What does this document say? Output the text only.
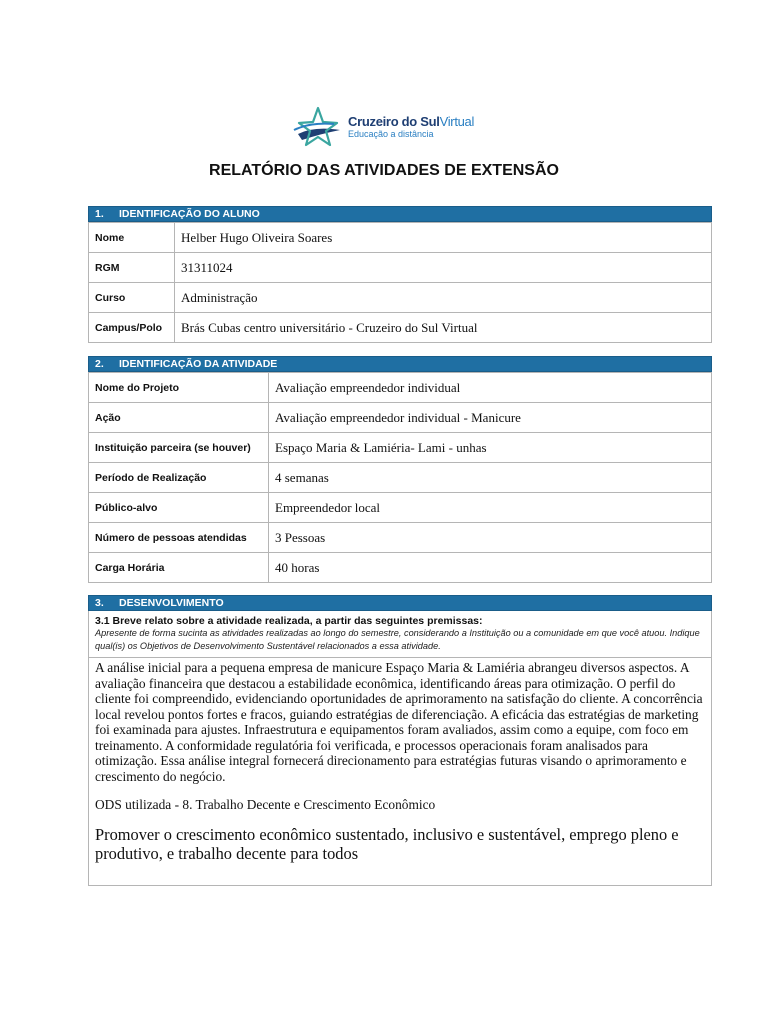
Cruzeiro do SulVirtual
Educação a distância
RELATÓRIO DAS ATIVIDADES DE EXTENSÃO
1. IDENTIFICAÇÃO DO ALUNO
Nome	Helber Hugo Oliveira Soares
RGM	31311024
Curso	Administração
Campus/Polo	Brás Cubas centro universitário - Cruzeiro do Sul Virtual
2. IDENTIFICAÇÃO DA ATIVIDADE
Nome do Projeto	Avaliação empreendedor individual
Ação	Avaliação empreendedor individual - Manicure
Instituição parceira (se houver)	Espaço Maria & Lamiéria- Lami - unhas
Período de Realização	4 semanas
Público-alvo	Empreendedor local
Número de pessoas atendidas	3 Pessoas
Carga Horária	40 horas
3. DESENVOLVIMENTO
3.1 Breve relato sobre a atividade realizada, a partir das seguintes premissas:
Apresente de forma sucinta as atividades realizadas ao longo do semestre, considerando a Instituição ou a comunidade em que você atuou. Indique qual(is) os Objetivos de Desenvolvimento Sustentável relacionados a essa atividade.

A análise inicial para a pequena empresa de manicure Espaço Maria & Lamiéria abrangeu diversos aspectos. A avaliação financeira que destacou a estabilidade econômica, identificando áreas para otimização. O perfil do cliente foi compreendido, evidenciando oportunidades de aprimoramento na satisfação do cliente. A concorrência local revelou pontos fortes e fracos, guiando estratégias de diferenciação. A eficácia das estratégias de marketing foi examinada para ajustes. Infraestrutura e equipamentos foram avaliados, assim como a equipe, com foco em treinamento. A conformidade regulatória foi verificada, e processos operacionais foram analisados para otimização. Essa análise integral fornecerá direcionamento para estratégias futuras visando o aprimoramento e crescimento do negócio.

ODS utilizada - 8. Trabalho Decente e Crescimento Econômico

Promover o crescimento econômico sustentado, inclusivo e sustentável, emprego pleno e produtivo, e trabalho decente para todos
